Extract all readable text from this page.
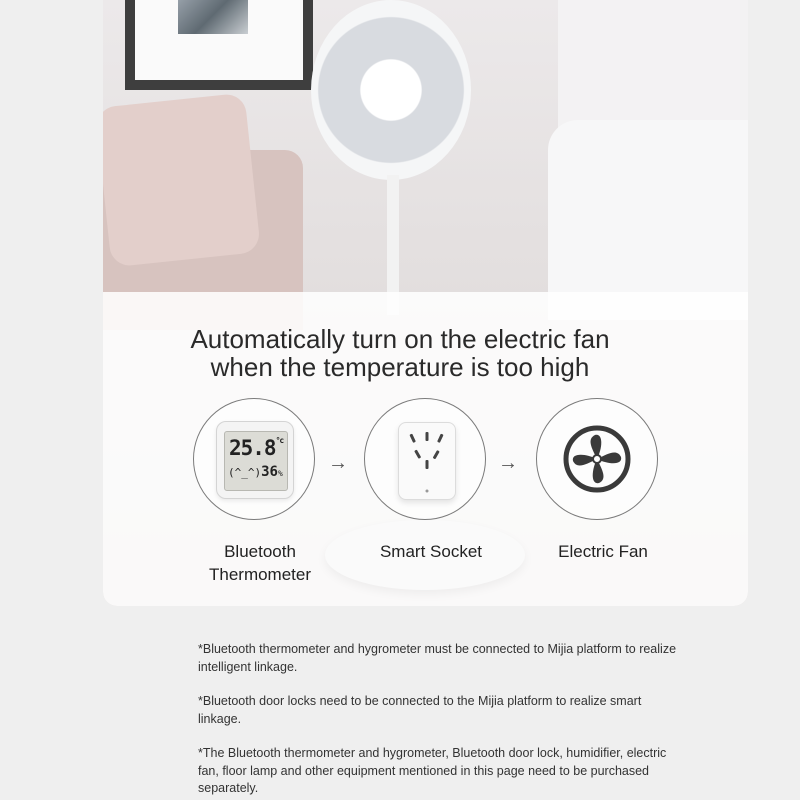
Automatically turn on the electric fan
when the temperature is too high
$25.8^{^\circ c}$
(^_^)36% →	→
Bluetooth Thermometer
Smart Socket	Electric Fan
*Bluetooth thermometer and hygrometer must be connected to Mijia platform to realize intelligent linkage.
*Bluetooth door locks need to be connected to the Mijia platform to realize smart linkage.
*The Bluetooth thermometer and hygrometer, Bluetooth door lock, humidifier, electric fan, floor lamp and other equipment mentioned in this page need to be purchased separately.
